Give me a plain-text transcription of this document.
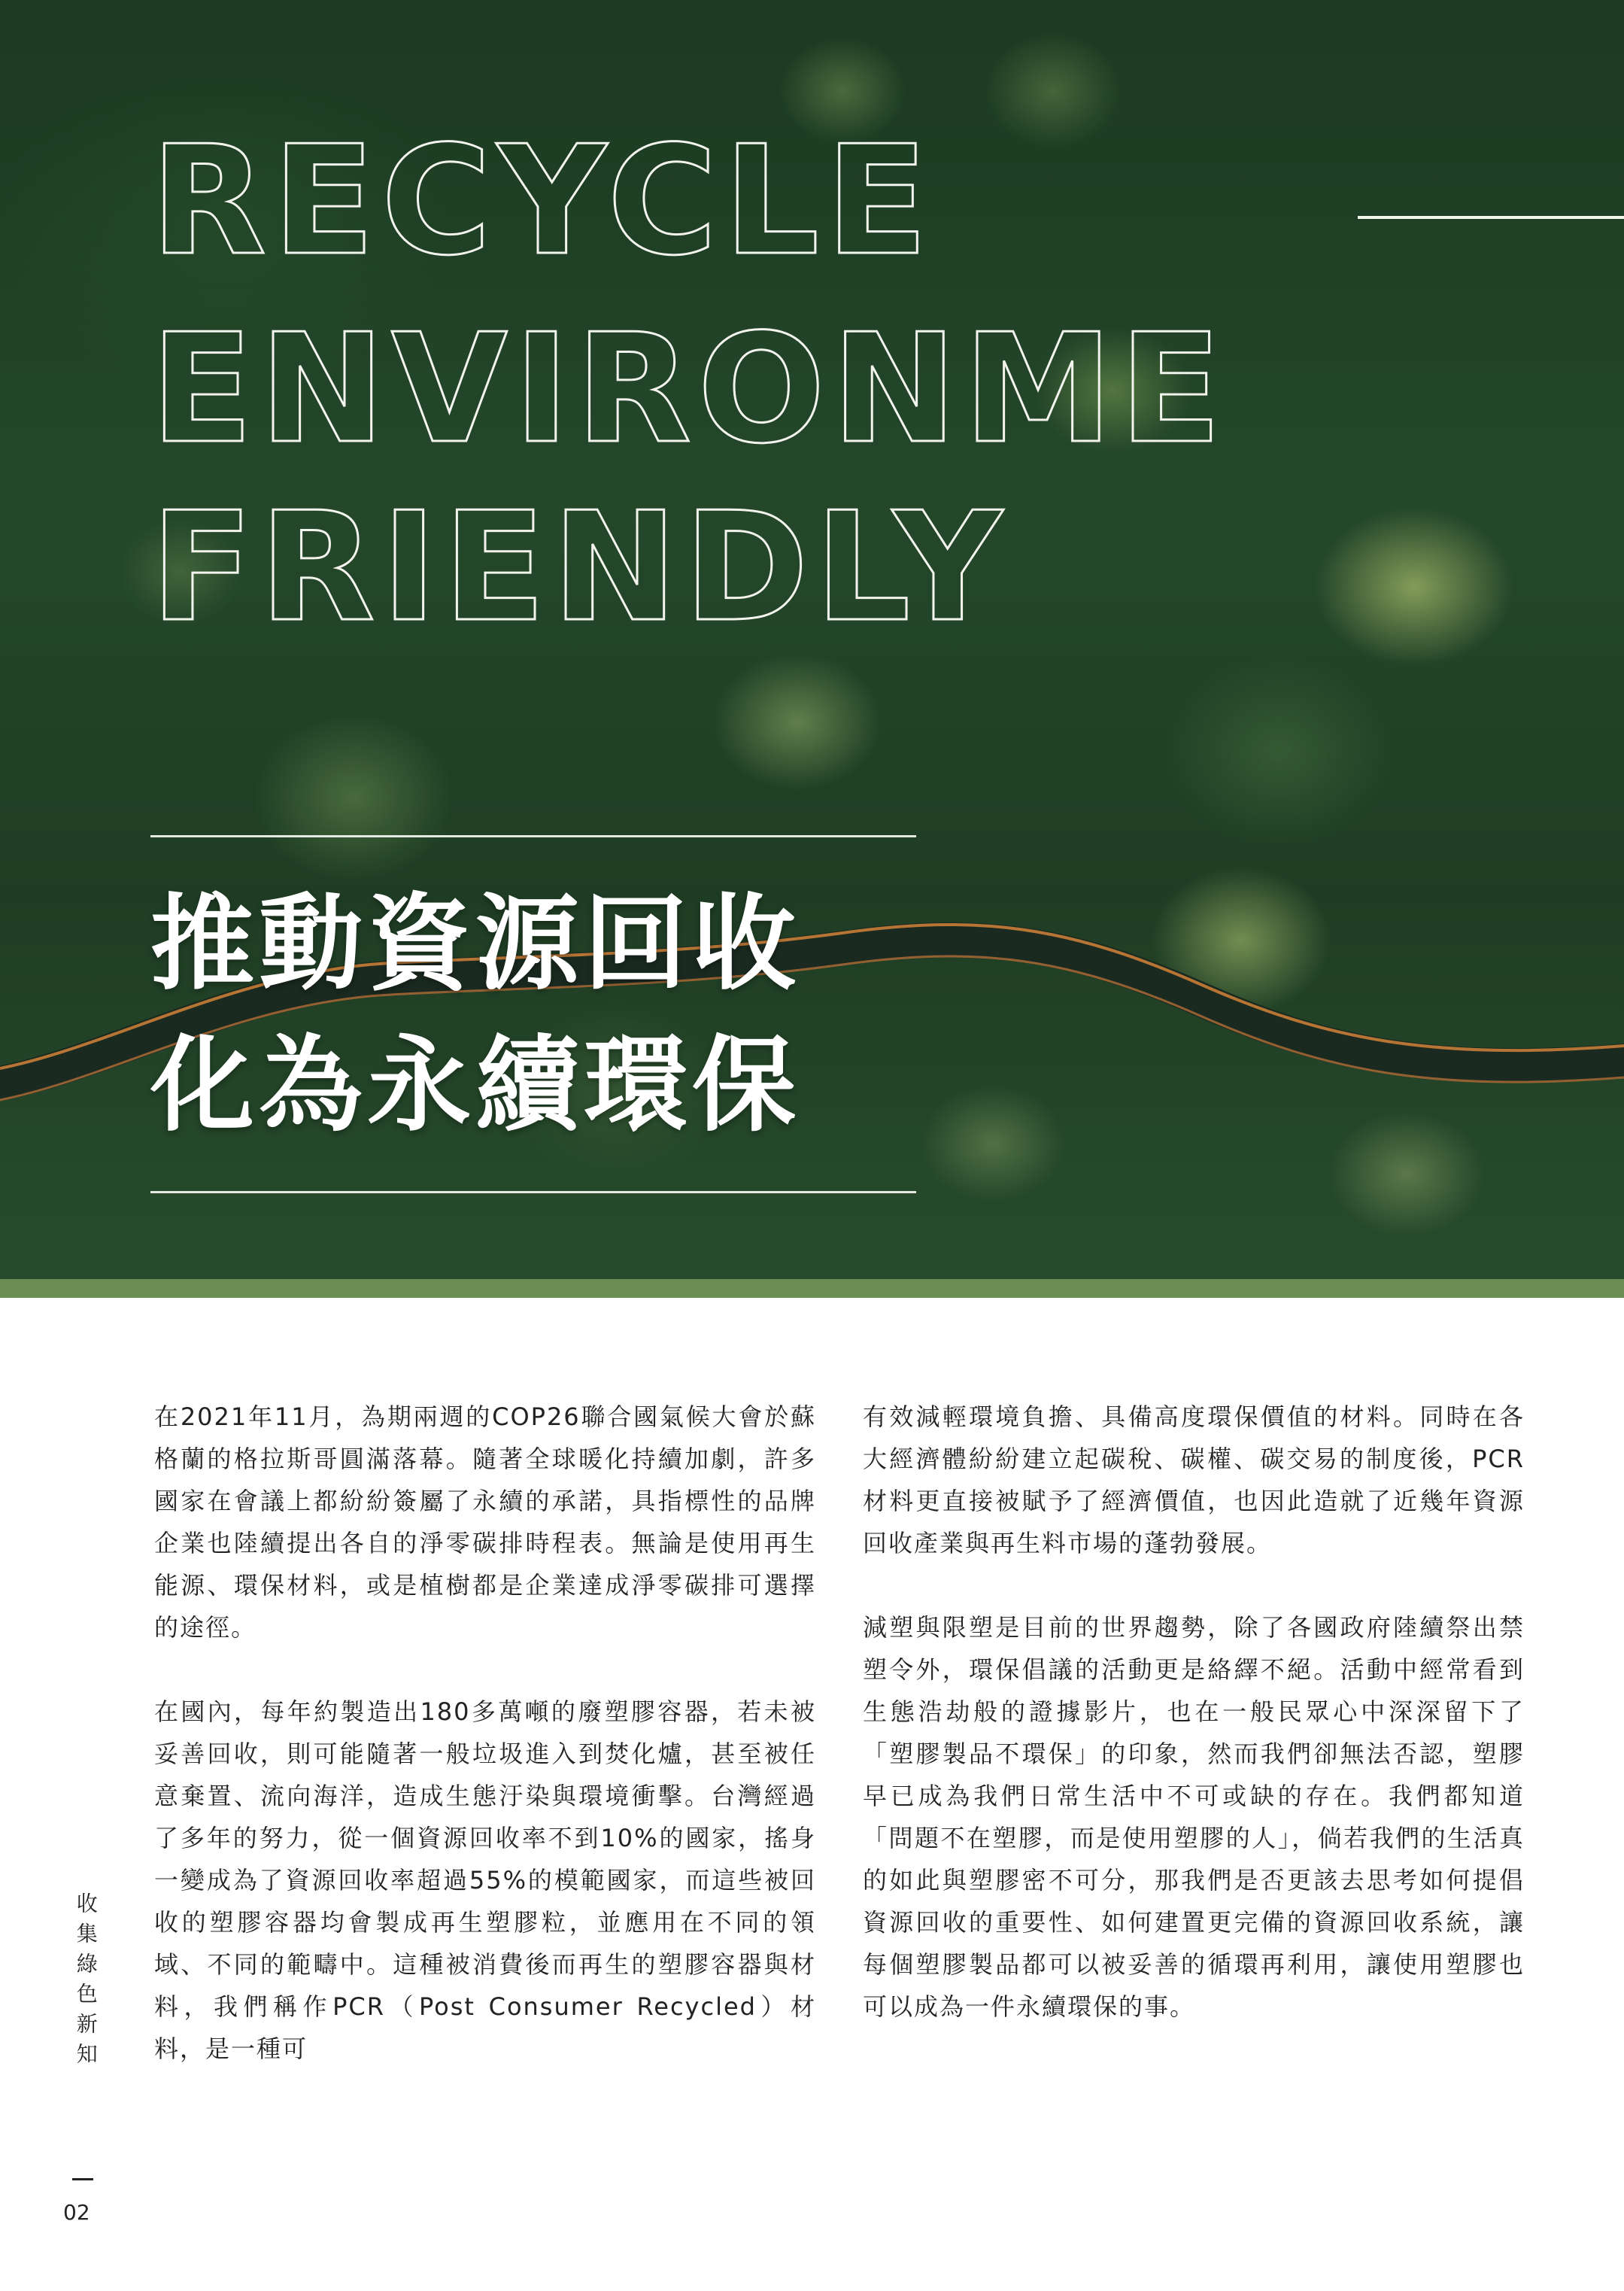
RECYCLE
ENVIRONME
FRIENDLY
推動資源回收
化為永續環保

在2021年11月，為期兩週的COP26聯合國氣候大會於蘇格蘭的格拉斯哥圓滿落幕。隨著全球暖化持續加劇，許多國家在會議上都紛紛簽屬了永續的承諾，具指標性的品牌企業也陸續提出各自的淨零碳排時程表。無論是使用再生能源、環保材料，或是植樹都是企業達成淨零碳排可選擇的途徑。

在國內，每年約製造出180多萬噸的廢塑膠容器，若未被妥善回收，則可能隨著一般垃圾進入到焚化爐，甚至被任意棄置、流向海洋，造成生態汙染與環境衝擊。台灣經過了多年的努力，從一個資源回收率不到10%的國家，搖身一變成為了資源回收率超過55%的模範國家，而這些被回收的塑膠容器均會製成再生塑膠粒，並應用在不同的領域、不同的範疇中。這種被消費後而再生的塑膠容器與材料，我們稱作PCR（Post Consumer Recycled）材料，是一種可

有效減輕環境負擔、具備高度環保價值的材料。同時在各大經濟體紛紛建立起碳稅、碳權、碳交易的制度後，PCR材料更直接被賦予了經濟價值，也因此造就了近幾年資源回收產業與再生料市場的蓬勃發展。

減塑與限塑是目前的世界趨勢，除了各國政府陸續祭出禁塑令外，環保倡議的活動更是絡繹不絕。活動中經常看到生態浩劫般的證據影片，也在一般民眾心中深深留下了「塑膠製品不環保」的印象，然而我們卻無法否認，塑膠早已成為我們日常生活中不可或缺的存在。我們都知道「問題不在塑膠，而是使用塑膠的人」，倘若我們的生活真的如此與塑膠密不可分，那我們是否更該去思考如何提倡資源回收的重要性、如何建置更完備的資源回收系統，讓每個塑膠製品都可以被妥善的循環再利用，讓使用塑膠也可以成為一件永續環保的事。

收集綠色新知
02
